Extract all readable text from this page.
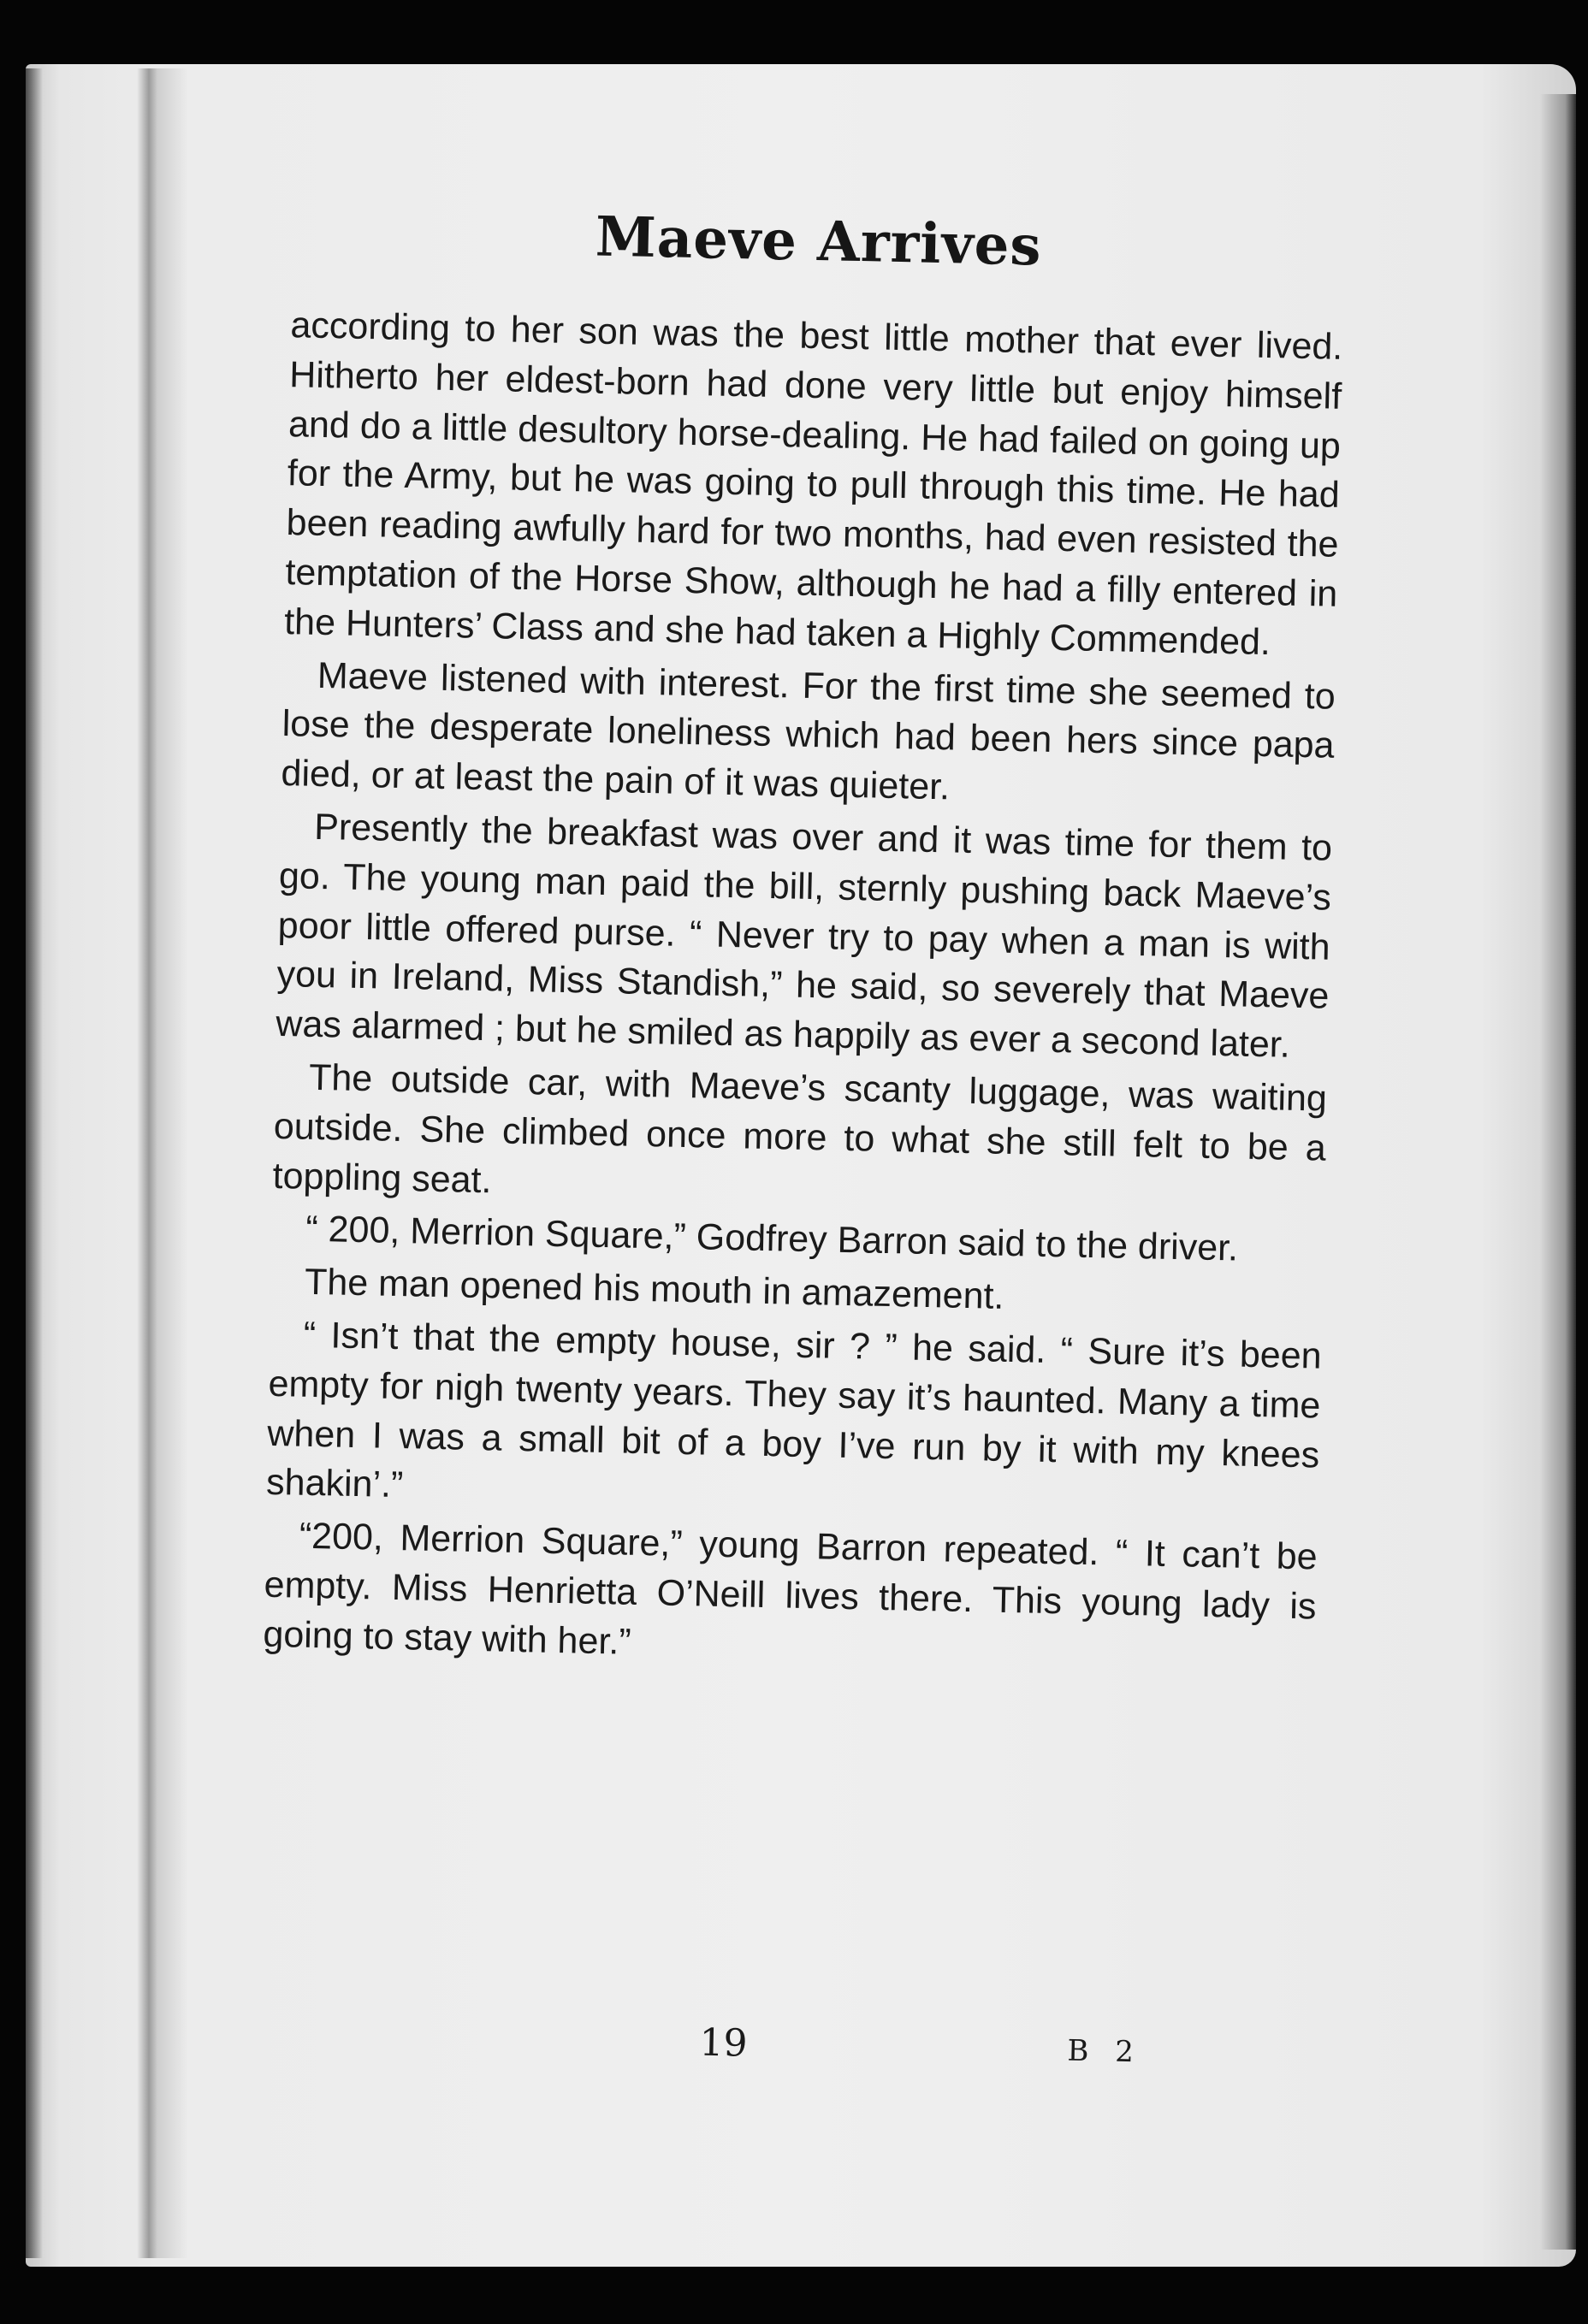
Maeve Arrives

according to her son was the best little mother that ever lived. Hitherto her eldest-born had done very little but enjoy himself and do a little desultory horse-dealing. He had failed on going up for the Army, but he was going to pull through this time. He had been reading awfully hard for two months, had even resisted the temptation of the Horse Show, although he had a filly entered in the Hunters’ Class and she had taken a Highly Commended.

Maeve listened with interest. For the first time she seemed to lose the desperate loneliness which had been hers since papa died, or at least the pain of it was quieter.

Presently the breakfast was over and it was time for them to go. The young man paid the bill, sternly pushing back Maeve’s poor little offered purse. “ Never try to pay when a man is with you in Ireland, Miss Standish,” he said, so severely that Maeve was alarmed ; but he smiled as happily as ever a second later.

The outside car, with Maeve’s scanty luggage, was waiting outside. She climbed once more to what she still felt to be a toppling seat.

“ 200, Merrion Square,” Godfrey Barron said to the driver.

The man opened his mouth in amazement.

“ Isn’t that the empty house, sir ? ” he said. “ Sure it’s been empty for nigh twenty years. They say it’s haunted. Many a time when I was a small bit of a boy I’ve run by it with my knees shakin’.”

“200, Merrion Square,” young Barron repeated. “ It can’t be empty. Miss Henrietta O’Neill lives there. This young lady is going to stay with her.”

19	B 2
